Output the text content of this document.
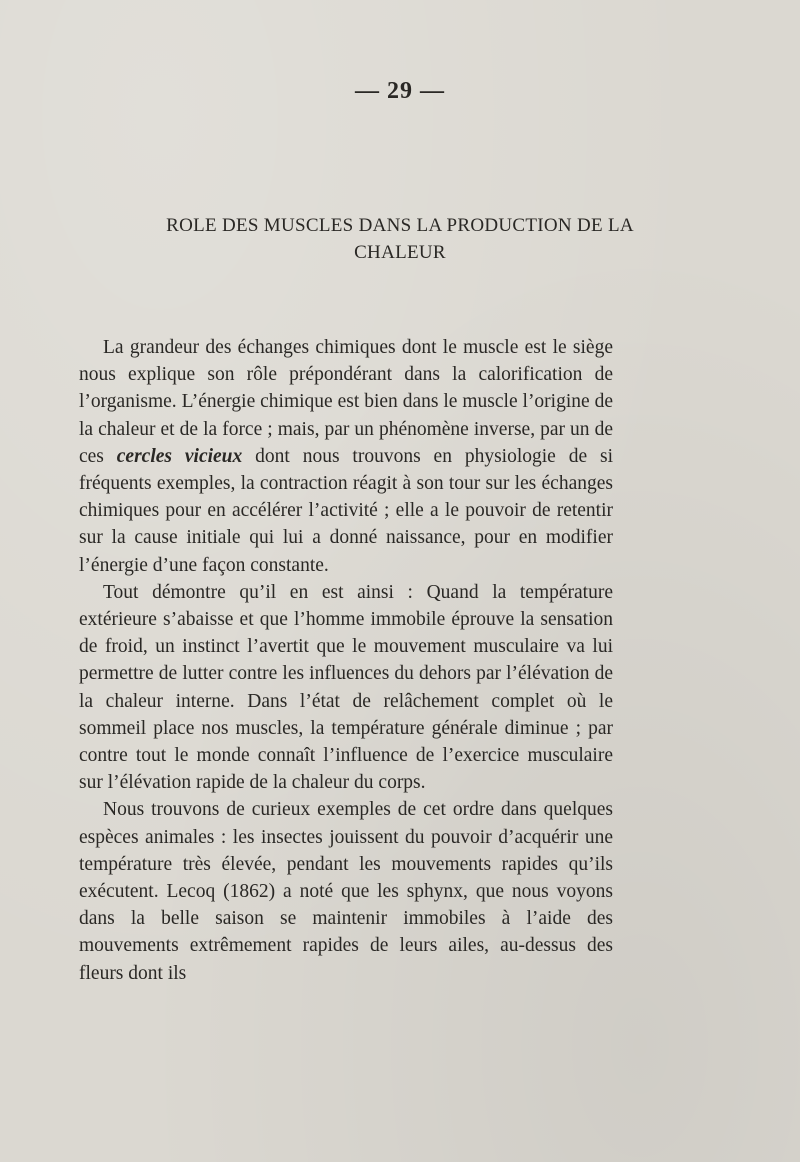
— 29 —
ROLE DES MUSCLES DANS LA PRODUCTION DE LA
CHALEUR

La grandeur des échanges chimiques dont le muscle est le siège nous explique son rôle prépondérant dans la calorification de l’organisme. L’énergie chimique est bien dans le muscle l’origine de la chaleur et de la force ; mais, par un phénomène inverse, par un de ces cercles vicieux dont nous trouvons en physiologie de si fréquents exemples, la contraction réagit à son tour sur les échanges chimiques pour en accélérer l’activité ; elle a le pouvoir de retentir sur la cause initiale qui lui a donné naissance, pour en modifier l’énergie d’une façon constante.

Tout démontre qu’il en est ainsi : Quand la température extérieure s’abaisse et que l’homme immobile éprouve la sensation de froid, un instinct l’avertit que le mouvement musculaire va lui permettre de lutter contre les influences du dehors par l’élévation de la chaleur interne. Dans l’état de relâchement complet où le sommeil place nos muscles, la température générale diminue ; par contre tout le monde connaît l’influence de l’exercice musculaire sur l’élévation rapide de la chaleur du corps.

Nous trouvons de curieux exemples de cet ordre dans quelques espèces animales : les insectes jouissent du pouvoir d’acquérir une température très élevée, pendant les mouvements rapides qu’ils exécutent. Lecoq (1862) a noté que les sphynx, que nous voyons dans la belle saison se maintenir immobiles à l’aide des mouvements extrêmement rapides de leurs ailes, au-dessus des fleurs dont ils
